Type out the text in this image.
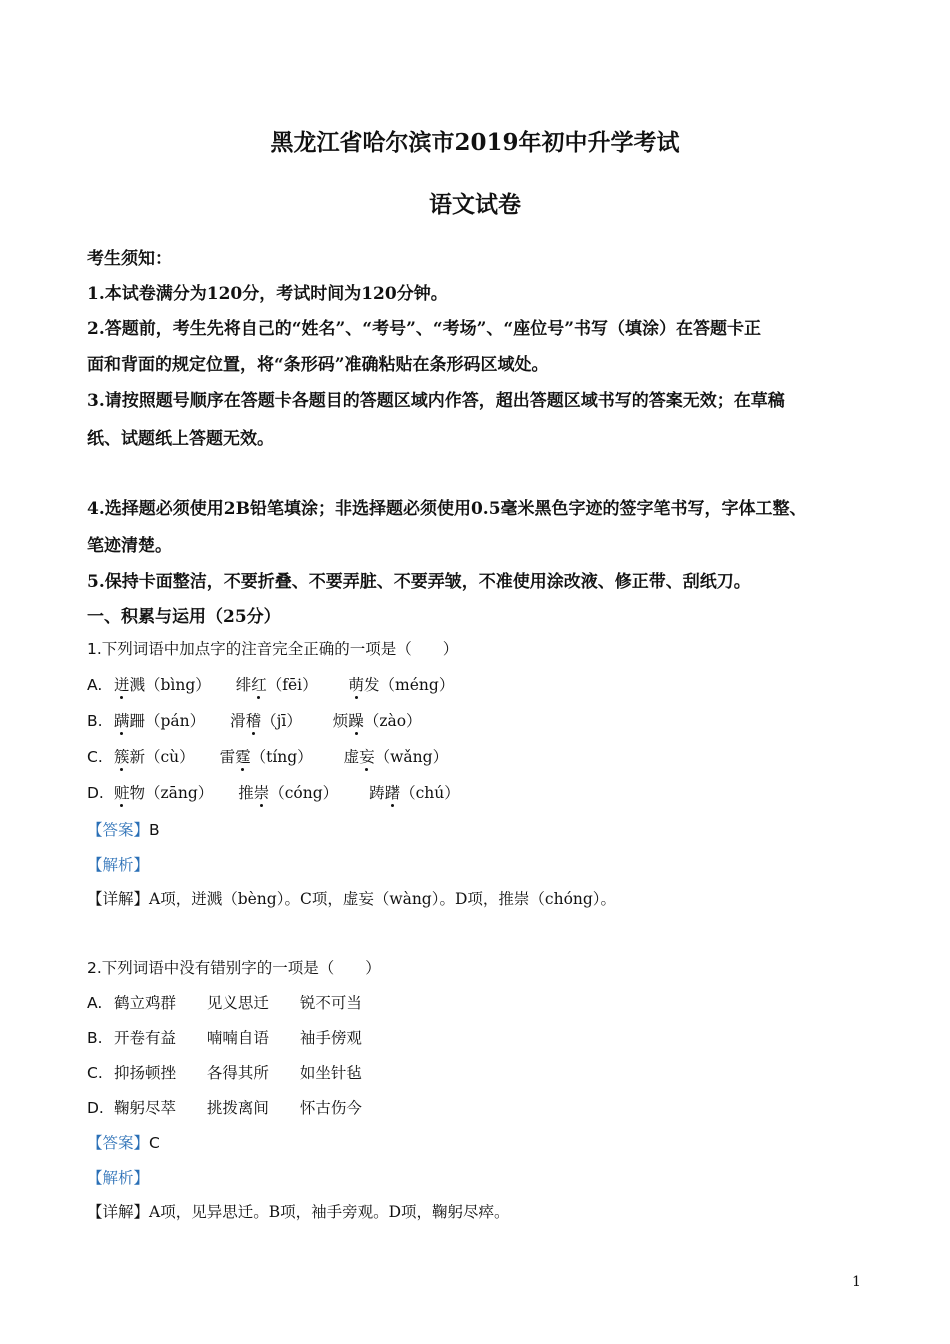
黑龙江省哈尔滨市2019年初中升学考试
语文试卷
考生须知：
1.本试卷满分为120分，考试时间为120分钟。
2.答题前，考生先将自己的“姓名”、“考号”、“考场”、“座位号”书写（填涂）在答题卡正
面和背面的规定位置，将“条形码”准确粘贴在条形码区域处。
3.请按照题号顺序在答题卡各题目的答题区域内作答，超出答题区域书写的答案无效；在草稿
纸、试题纸上答题无效。
4.选择题必须使用2B铅笔填涂；非选择题必须使用0.5毫米黑色字迹的签字笔书写，字体工整、
笔迹清楚。
5.保持卡面整洁，不要折叠、不要弄脏、不要弄皱，不准使用涂改液、修正带、刮纸刀。
一、积累与运用（25分）
1.下列词语中加点字的注音完全正确的一项是（　　）
A. 迸溅（bìng） 绯红（fēi） 萌发（méng）
B. 蹒跚（pán） 滑稽（jī） 烦躁（zào）
C. 簇新（cù） 雷霆（tíng） 虚妄（wǎng）
D. 赃物（zāng） 推崇（cóng） 踌躇（chú）
【答案】B
【解析】
【详解】A项，迸溅（bèng）。C项，虚妄（wàng）。D项，推崇（chóng）。
2.下列词语中没有错别字的一项是（　　）
A. 鹤立鸡群 见义思迁 锐不可当
B. 开卷有益 喃喃自语 袖手傍观
C. 抑扬顿挫 各得其所 如坐针毡
D. 鞠躬尽萃 挑拨离间 怀古伤今
【答案】C
【解析】
【详解】A项，见异思迁。B项，袖手旁观。D项，鞠躬尽瘁。
1
